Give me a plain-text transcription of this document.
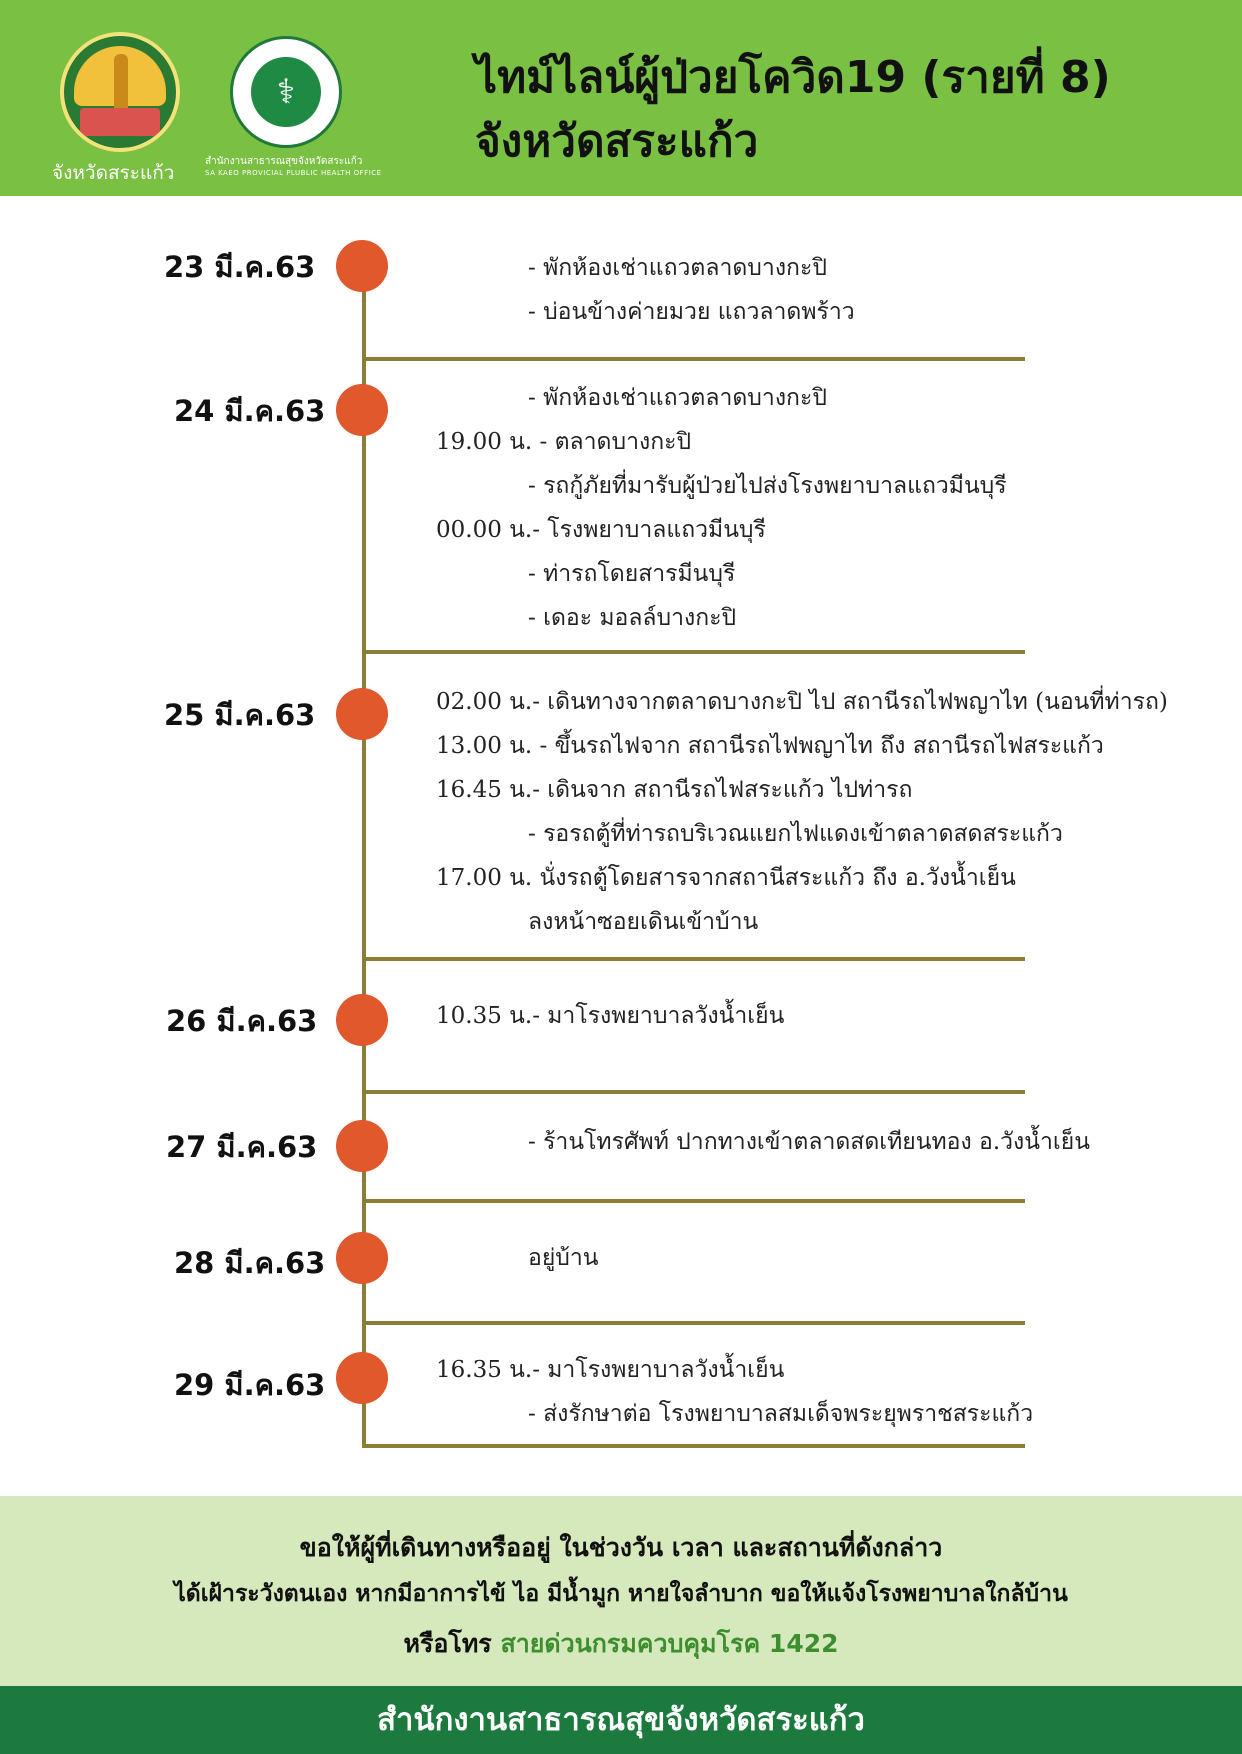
จังหวัดสระแก้ว
⚕
สำนักงานสาธารณสุขจังหวัดสระแก้ว
SA KAEO PROVICIAL PLUBLIC HEALTH OFFICE
ไทม์ไลน์ผู้ป่วยโควิด19 (รายที่ 8)
จังหวัดสระแก้ว
23 มี.ค.63	- พักห้องเช่าแถวตลาดบางกะปิ
- บ่อนข้างค่ายมวย แถวลาดพร้าว
24 มี.ค.63	- พักห้องเช่าแถวตลาดบางกะปิ
19.00 น. - ตลาดบางกะปิ
- รถกู้ภัยที่มารับผู้ป่วยไปส่งโรงพยาบาลแถวมีนบุรี
00.00 น.- โรงพยาบาลแถวมีนบุรี
- ท่ารถโดยสารมีนบุรี
- เดอะ มอลล์บางกะปิ
25 มี.ค.63	02.00 น.- เดินทางจากตลาดบางกะปิ ไป สถานีรถไฟพญาไท (นอนที่ท่ารถ)
13.00 น. - ขึ้นรถไฟจาก สถานีรถไฟพญาไท ถึง สถานีรถไฟสระแก้ว
16.45 น.- เดินจาก สถานีรถไฟสระแก้ว ไปท่ารถ
- รอรถตู้ที่ท่ารถบริเวณแยกไฟแดงเข้าตลาดสดสระแก้ว
17.00 น. นั่งรถตู้โดยสารจากสถานีสระแก้ว ถึง อ.วังน้ำเย็น
ลงหน้าซอยเดินเข้าบ้าน
26 มี.ค.63	10.35 น.- มาโรงพยาบาลวังน้ำเย็น
27 มี.ค.63	- ร้านโทรศัพท์ ปากทางเข้าตลาดสดเทียนทอง อ.วังน้ำเย็น
28 มี.ค.63	อยู่บ้าน
29 มี.ค.63	16.35 น.- มาโรงพยาบาลวังน้ำเย็น
- ส่งรักษาต่อ โรงพยาบาลสมเด็จพระยุพราชสระแก้ว
ขอให้ผู้ที่เดินทางหรืออยู่ ในช่วงวัน เวลา และสถานที่ดังกล่าว
ได้เฝ้าระวังตนเอง หากมีอาการไข้ ไอ มีน้ำมูก หายใจลำบาก ขอให้แจ้งโรงพยาบาลใกล้บ้าน
หรือโทร สายด่วนกรมควบคุมโรค 1422
สำนักงานสาธารณสุขจังหวัดสระแก้ว
